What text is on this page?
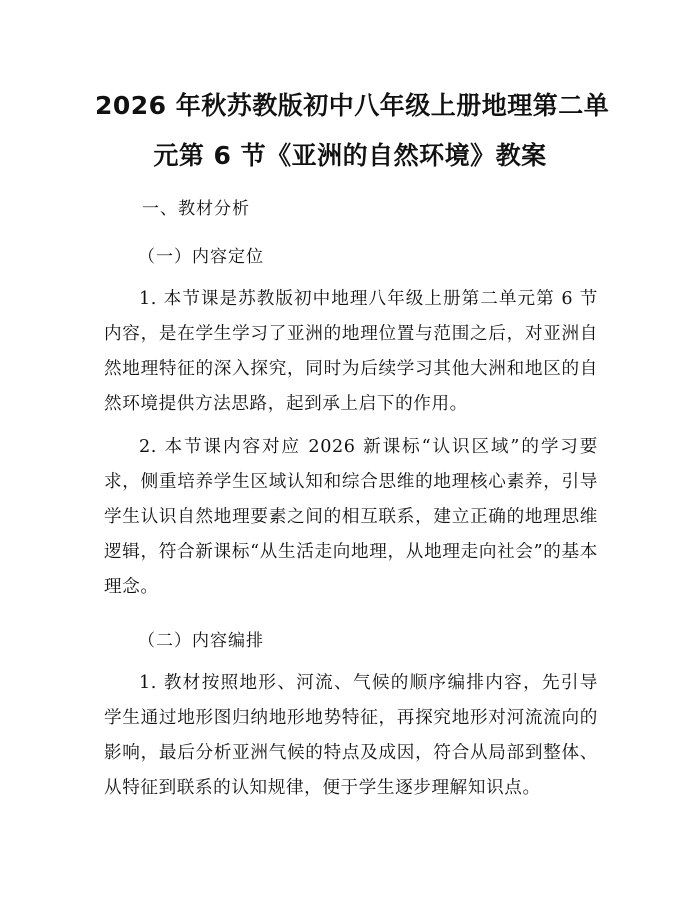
2026 年秋苏教版初中八年级上册地理第二单
元第 6 节《亚洲的自然环境》教案
一、教材分析
（一）内容定位
1. 本节课是苏教版初中地理八年级上册第二单元第 6 节内容，是在学生学习了亚洲的地理位置与范围之后，对亚洲自然地理特征的深入探究，同时为后续学习其他大洲和地区的自然环境提供方法思路，起到承上启下的作用。
2. 本节课内容对应 2026 新课标“认识区域”的学习要求，侧重培养学生区域认知和综合思维的地理核心素养，引导学生认识自然地理要素之间的相互联系，建立正确的地理思维逻辑，符合新课标“从生活走向地理，从地理走向社会”的基本理念。
（二）内容编排
1. 教材按照地形、河流、气候的顺序编排内容，先引导学生通过地形图归纳地形地势特征，再探究地形对河流流向的影响，最后分析亚洲气候的特点及成因，符合从局部到整体、从特征到联系的认知规律，便于学生逐步理解知识点。
